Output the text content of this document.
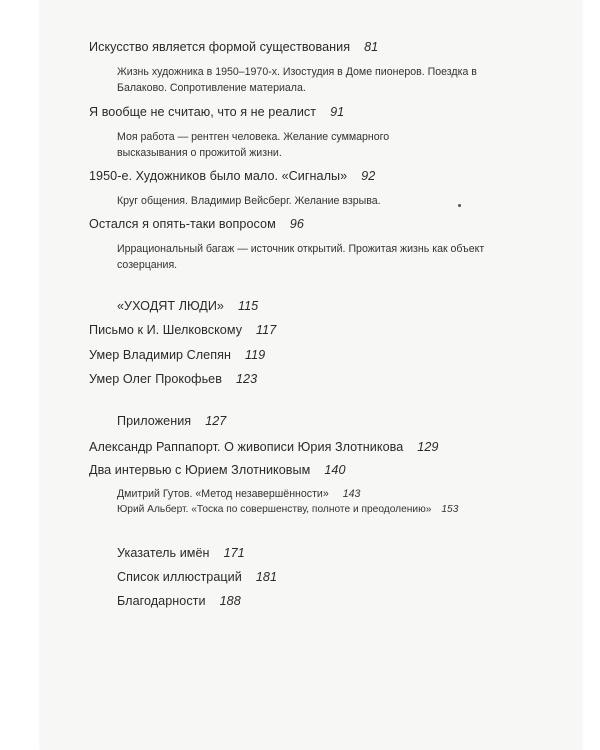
Искусство является формой существования 81
Жизнь художника в 1950–1970-х. Изостудия в Доме пионеров. Поездка в Балаково. Сопротивление материала.
Я вообще не считаю, что я не реалист 91
Моя работа — рентген человека. Желание суммарного высказывания о прожитой жизни.
1950-е. Художников было мало. «Сигналы» 92
Круг общения. Владимир Вейсберг. Желание взрыва.
Остался я опять-таки вопросом 96
Иррациональный багаж — источник открытий. Прожитая жизнь как объект созерцания.
«УХОДЯТ ЛЮДИ» 115
Письмо к И. Шелковскому 117
Умер Владимир Слепян 119
Умер Олег Прокофьев 123
Приложения 127
Александр Раппапорт. О живописи Юрия Злотникова 129
Два интервью с Юрием Злотниковым 140
Дмитрий Гутов. «Метод незавершённости» 143
Юрий Альберт. «Тоска по совершенству, полноте и преодолению» 153
Указатель имён 171
Список иллюстраций 181
Благодарности 188
